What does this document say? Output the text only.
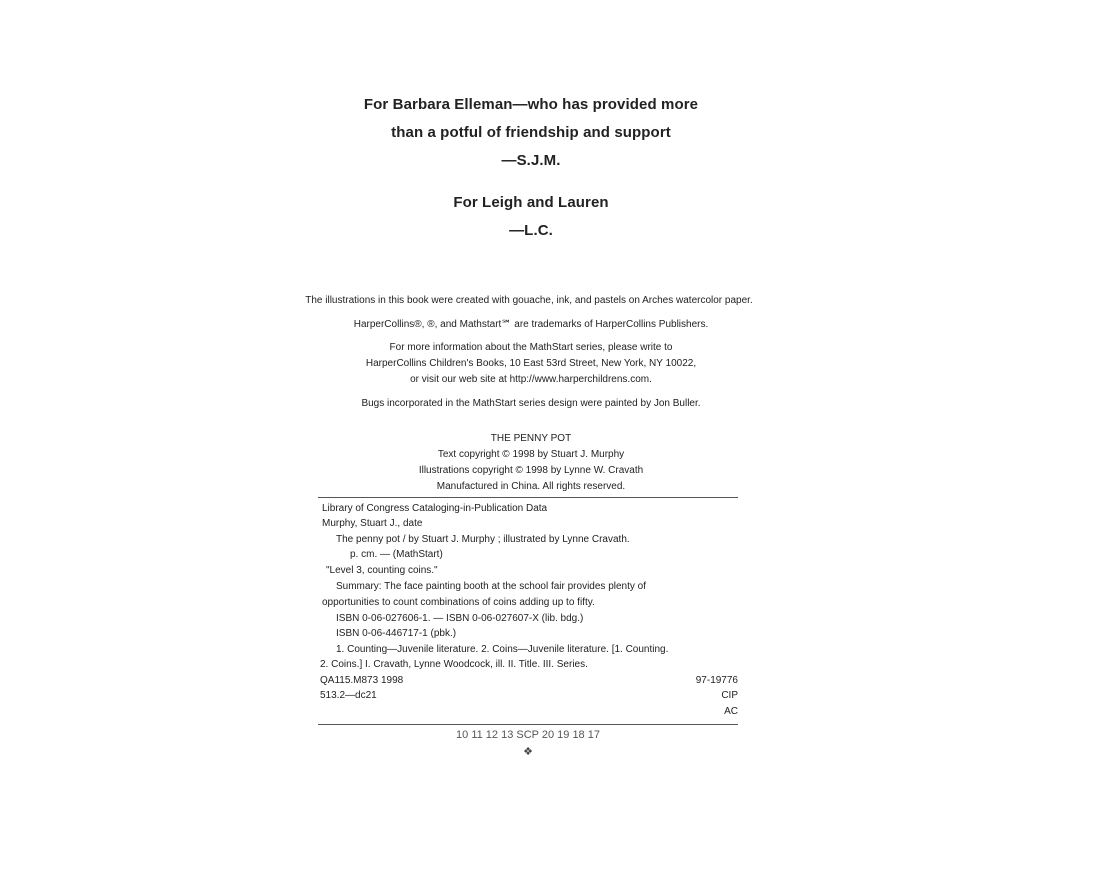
For Barbara Elleman—who has provided more
than a potful of friendship and support
—S.J.M.
For Leigh and Lauren
—L.C.
The illustrations in this book were created with gouache, ink, and pastels on Arches watercolor paper.
HarperCollins®, ®, and Mathstart℠ are trademarks of HarperCollins Publishers.
For more information about the MathStart series, please write to
HarperCollins Children's Books, 10 East 53rd Street, New York, NY 10022,
or visit our web site at http://www.harperchildrens.com.
Bugs incorporated in the MathStart series design were painted by Jon Buller.
THE PENNY POT
Text copyright © 1998 by Stuart J. Murphy
Illustrations copyright © 1998 by Lynne W. Cravath
Manufactured in China. All rights reserved.
Library of Congress Cataloging-in-Publication Data
Murphy, Stuart J., date
The penny pot / by Stuart J. Murphy ; illustrated by Lynne Cravath.
p. cm. — (MathStart)
"Level 3, counting coins."
Summary: The face painting booth at the school fair provides plenty of
opportunities to count combinations of coins adding up to fifty.
ISBN 0-06-027606-1. — ISBN 0-06-027607-X (lib. bdg.)
ISBN 0-06-446717-1 (pbk.)
1. Counting—Juvenile literature. 2. Coins—Juvenile literature. [1. Counting.
2. Coins.] I. Cravath, Lynne Woodcock, ill. II. Title. III. Series.
QA115.M873 1998	97-19776
513.2—dc21	CIP
AC
10 11 12 13 SCP 20 19 18 17
❖
